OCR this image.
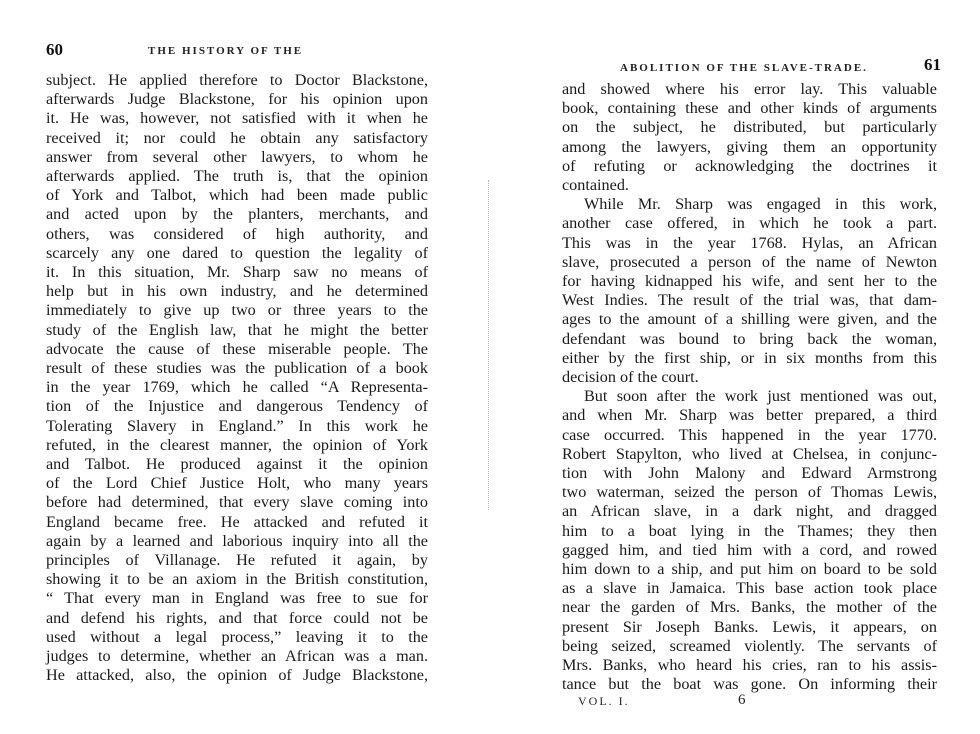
60	THE HISTORY OF THE
subject. He applied therefore to Doctor Blackstone,
afterwards Judge Blackstone, for his opinion upon
it. He was, however, not satisfied with it when he
received it; nor could he obtain any satisfactory
answer from several other lawyers, to whom he
afterwards applied. The truth is, that the opinion
of York and Talbot, which had been made public
and acted upon by the planters, merchants, and
others, was considered of high authority, and
scarcely any one dared to question the legality of
it. In this situation, Mr. Sharp saw no means of
help but in his own industry, and he determined
immediately to give up two or three years to the
study of the English law, that he might the better
advocate the cause of these miserable people. The
result of these studies was the publication of a book
in the year 1769, which he called “A Representa-
tion of the Injustice and dangerous Tendency of
Tolerating Slavery in England.” In this work he
refuted, in the clearest manner, the opinion of York
and Talbot. He produced against it the opinion
of the Lord Chief Justice Holt, who many years
before had determined, that every slave coming into
England became free. He attacked and refuted it
again by a learned and laborious inquiry into all the
principles of Villanage. He refuted it again, by
showing it to be an axiom in the British constitution,
“ That every man in England was free to sue for
and defend his rights, and that force could not be
used without a legal process,” leaving it to the
judges to determine, whether an African was a man.
He attacked, also, the opinion of Judge Blackstone,
ABOLITION OF THE SLAVE-TRADE.	61
and showed where his error lay. This valuable
book, containing these and other kinds of arguments
on the subject, he distributed, but particularly
among the lawyers, giving them an opportunity
of refuting or acknowledging the doctrines it
contained.
While Mr. Sharp was engaged in this work,
another case offered, in which he took a part.
This was in the year 1768. Hylas, an African
slave, prosecuted a person of the name of Newton
for having kidnapped his wife, and sent her to the
West Indies. The result of the trial was, that dam-
ages to the amount of a shilling were given, and the
defendant was bound to bring back the woman,
either by the first ship, or in six months from this
decision of the court.
But soon after the work just mentioned was out,
and when Mr. Sharp was better prepared, a third
case occurred. This happened in the year 1770.
Robert Stapylton, who lived at Chelsea, in conjunc-
tion with John Malony and Edward Armstrong
two waterman, seized the person of Thomas Lewis,
an African slave, in a dark night, and dragged
him to a boat lying in the Thames; they then
gagged him, and tied him with a cord, and rowed
him down to a ship, and put him on board to be sold
as a slave in Jamaica. This base action took place
near the garden of Mrs. Banks, the mother of the
present Sir Joseph Banks. Lewis, it appears, on
being seized, screamed violently. The servants of
Mrs. Banks, who heard his cries, ran to his assis-
tance but the boat was gone. On informing their
VOL. I.	6
